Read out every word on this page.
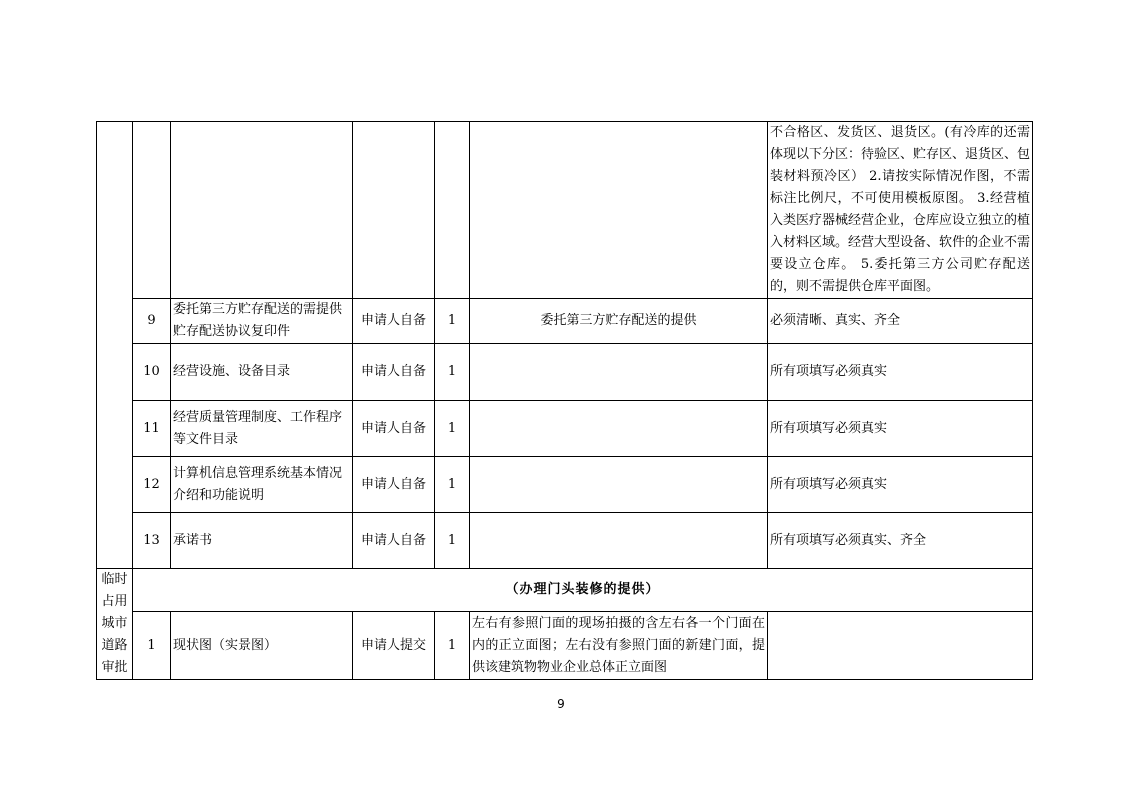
						不合格区、发货区、退货区。(有冷库的还需体现以下分区：待验区、贮存区、退货区、包装材料预冷区） 2.请按实际情况作图，不需标注比例尺，不可使用模板原图。 3.经营植入类医疗器械经营企业，仓库应设立独立的植入材料区域。经营大型设备、软件的企业不需要设立仓库。 5.委托第三方公司贮存配送的，则不需提供仓库平面图。
	9	委托第三方贮存配送的需提供贮存配送协议复印件	申请人自备	1	委托第三方贮存配送的提供	必须清晰、真实、齐全
	10	经营设施、设备目录	申请人自备	1		所有项填写必须真实
	11	经营质量管理制度、工作程序等文件目录	申请人自备	1		所有项填写必须真实
	12	计算机信息管理系统基本情况介绍和功能说明	申请人自备	1		所有项填写必须真实
	13	承诺书	申请人自备	1		所有项填写必须真实、齐全
临时占用城市道路审批	（办理门头装修的提供）					
	1	现状图（实景图）	申请人提交	1	左右有参照门面的现场拍摄的含左右各一个门面在内的正立面图；左右没有参照门面的新建门面，提供该建筑物物业企业总体正立面图	
9
